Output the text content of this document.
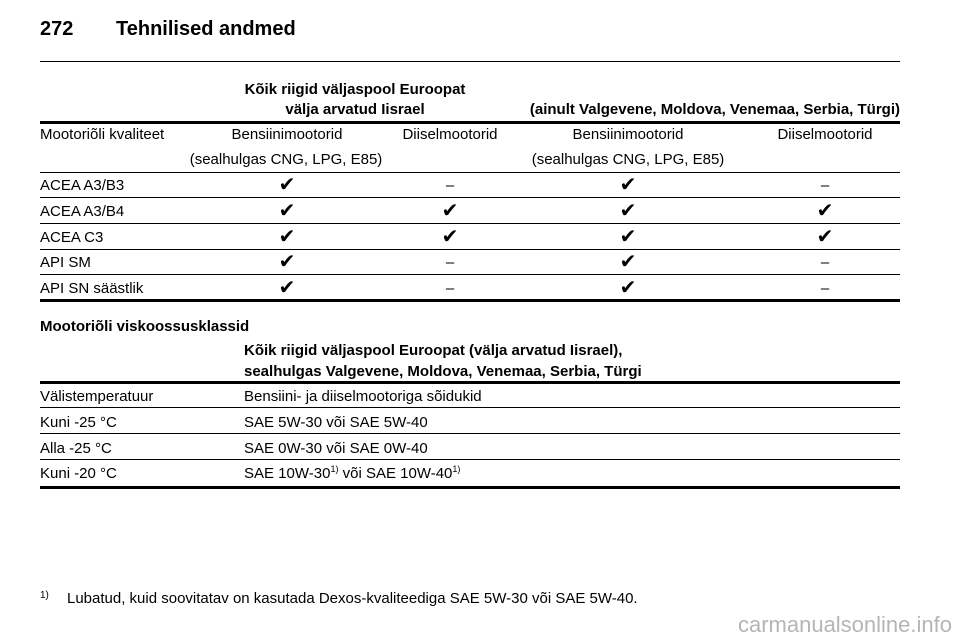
272 Tehnilised andmed
Kõik riigid väljaspool Euroopat
välja arvatud Iisrael	(ainult Valgevene, Moldova, Venemaa, Serbia, Türgi)
Mootoriõli kvaliteet	Bensiinimootorid	Diiselmootorid	Bensiinimootorid	Diiselmootorid
(sealhulgas CNG, LPG, E85)	(sealhulgas CNG, LPG, E85)
ACEA A3/B3	✔	–	✔	–
ACEA A3/B4	✔	✔	✔	✔
ACEA C3	✔	✔	✔	✔
API SM	✔	–	✔	–
API SN säästlik	✔	–	✔	–
Mootoriõli viskoossusklassid
Kõik riigid väljaspool Euroopat (välja arvatud Iisrael),
sealhulgas Valgevene, Moldova, Venemaa, Serbia, Türgi
Välistemperatuur	Bensiini- ja diiselmootoriga sõidukid
Kuni -25 °C	SAE 5W-30 või SAE 5W-40
Alla -25 °C	SAE 0W-30 või SAE 0W-40
Kuni -20 °C	SAE 10W-30$^{1)}$ või SAE 10W-40$^{1)}$
1) Lubatud, kuid soovitatav on kasutada Dexos-kvaliteediga SAE 5W-30 või SAE 5W-40.
carmanualsonline.info
